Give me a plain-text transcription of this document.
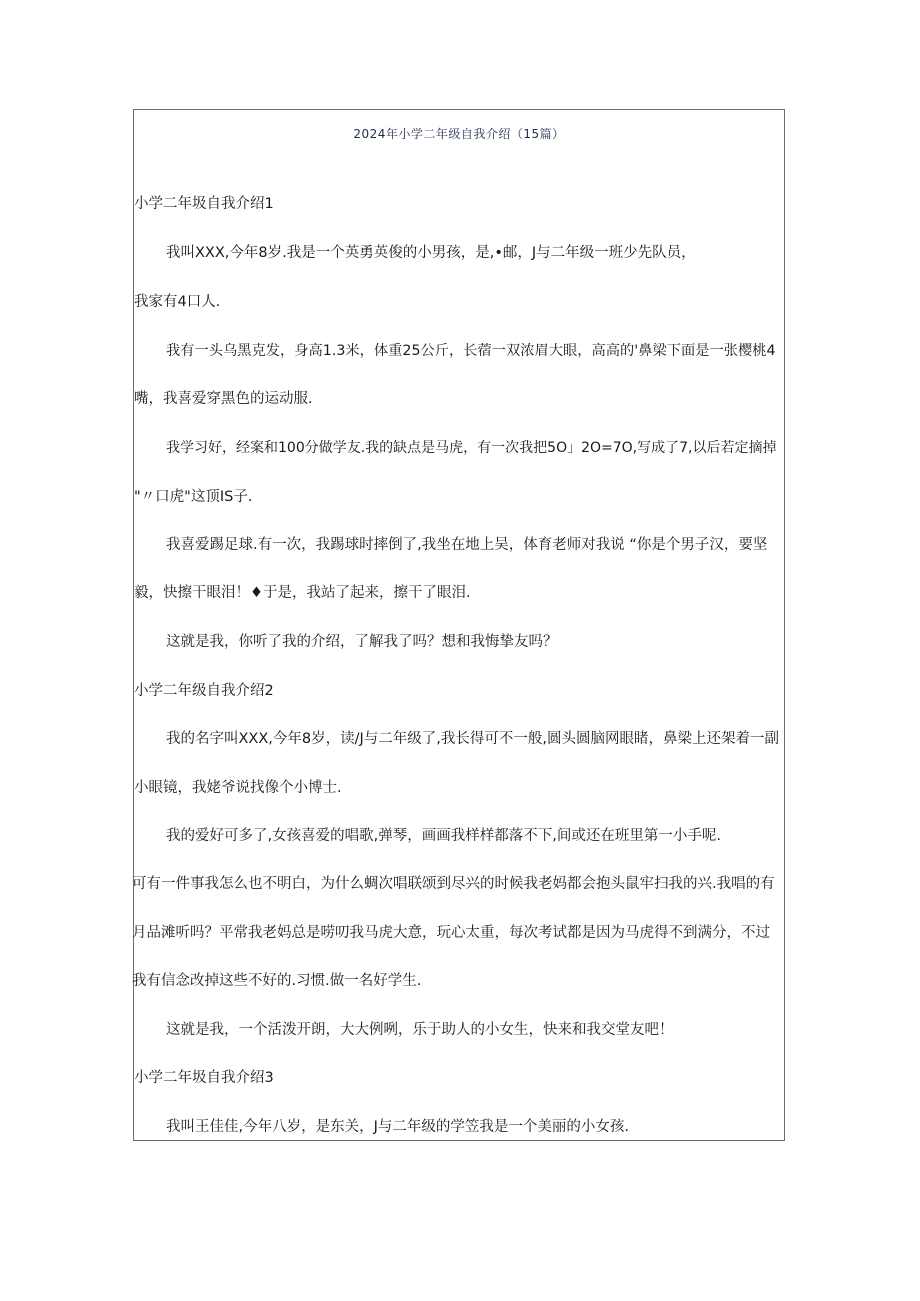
2024年小学二年级自我介绍（15篇）
小学二年圾自我介绍1
我叫XXX,今年8岁.我是一个英勇英俊的小男孩，是,•邮，J与二年级一班少先队员，
我家有4口人.
我有一头乌黑克发，身高1.3米，体重25公斤，长蓿一双浓眉大眼，高高的'鼻梁下面是一张樱桃4
嘴，我喜爱穿黑色的运动服.
我学习好，经案和100分做学友.我的缺点是马虎，有一次我把5O」2O=7O,写成了7,以后若定摘掉
"〃口虎"这顶IS子.
我喜爱踢足球.有一次，我踢球时摔倒了,我坐在地上吴，体育老师对我说 “你是个男子汉，要坚
毅，快擦干眼泪！♦于是，我站了起来，擦干了眼泪.
这就是我，你听了我的介绍，了解我了吗？想和我悔挚友吗？
小学二年级自我介绍2
我的名字叫XXX,今年8岁，读/J与二年级了,我长得可不一般,圆头圆脑网眼睹，鼻梁上还架着一副
小眼镜，我姥爷说找像个小博士.
我的爱好可多了,女孩喜爱的唱歌,弹琴，画画我样样都落不下,间或还在班里第一小手呢.
可有一件事我怎么也不明白，为什么蜩次唱联颂到尽兴的时候我老妈都会抱头鼠牢扫我的兴.我唱的有
月品滩听吗？平常我老妈总是唠叨我马虎大意，玩心太重，每次考试都是因为马虎得不到满分，不过
我有信念改掉这些不好的.习惯.做一名好学生.
这就是我，一个活泼开朗，大大例咧，乐于助人的小女生，快来和我交堂友吧！
小学二年圾自我介绍3
我叫王佳佳,今年八岁，是东关，J与二年级的学笠我是一个美丽的小女孩.
